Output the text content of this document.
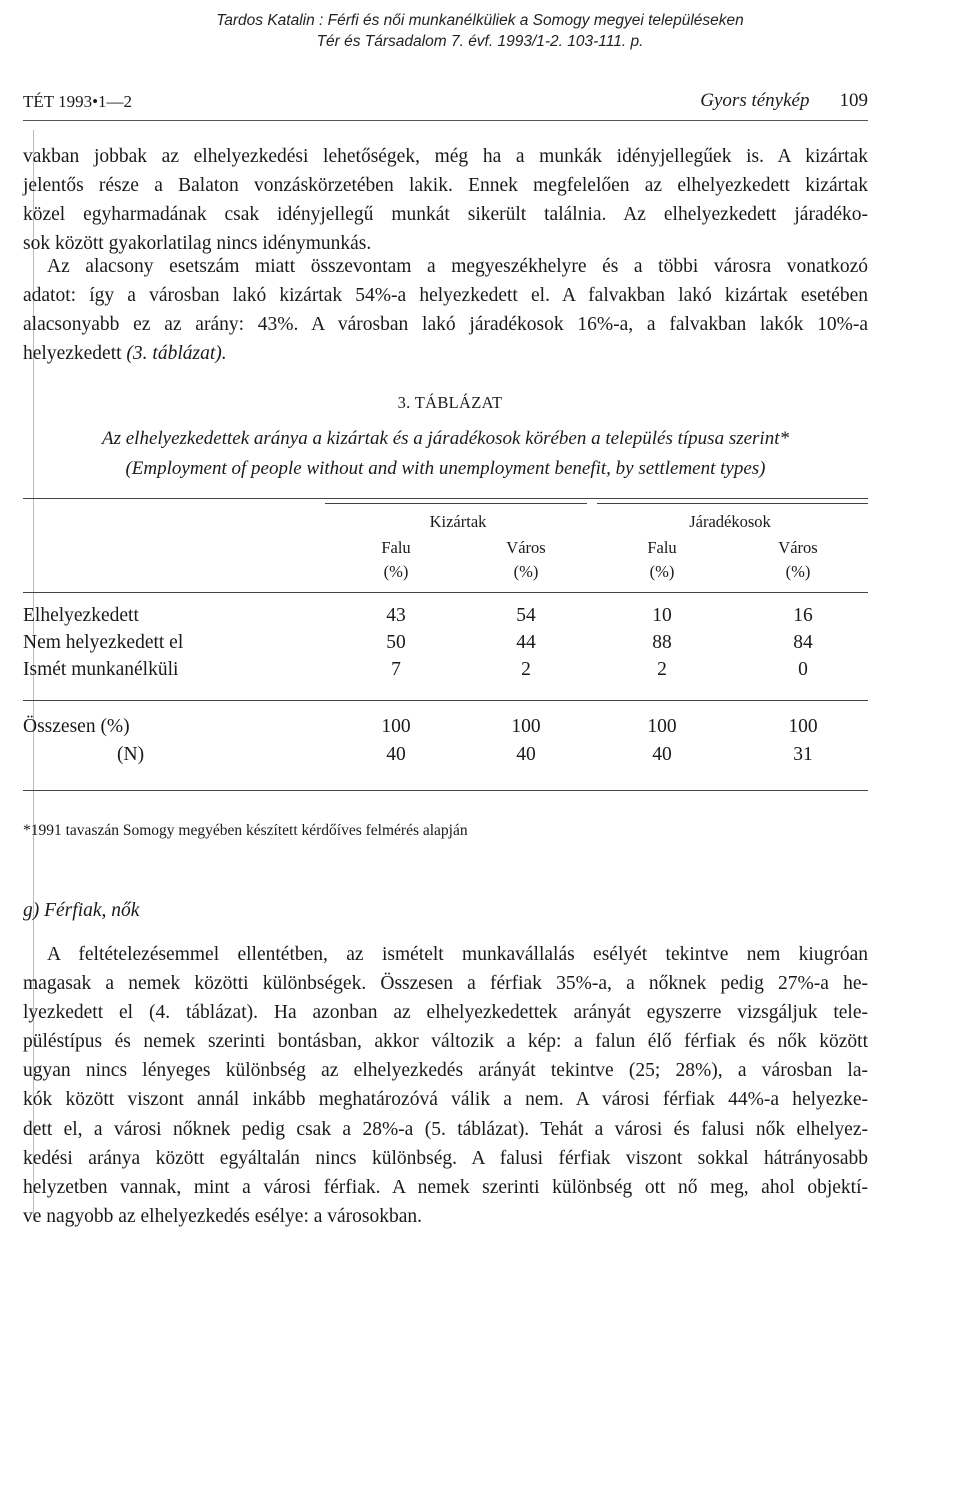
Tardos Katalin : Férfi és női munkanélküliek a Somogy megyei településeken
Tér és Társadalom 7. évf. 1993/1-2. 103-111. p.
TÉT 1993•1—2	Gyors ténykép 109

vakban jobbak az elhelyezkedési lehetőségek, még ha a munkák idényjellegűek is. A kizártak
jelentős része a Balaton vonzáskörzetében lakik. Ennek megfelelően az elhelyezkedett kizártak
közel egyharmadának csak idényjellegű munkát sikerült találnia. Az elhelyezkedett járadéko-
sok között gyakorlatilag nincs idénymunkás.

Az alacsony esetszám miatt összevontam a megyeszékhelyre és a többi városra vonatkozó
adatot: így a városban lakó kizártak 54%-a helyezkedett el. A falvakban lakó kizártak esetében
alacsonyabb ez az arány: 43%. A városban lakó járadékosok 16%-a, a falvakban lakók 10%-a
helyezkedett (3. táblázat).

3. TÁBLÁZAT
Az elhelyezkedettek aránya a kizártak és a járadékosok körében a település típusa szerint*
(Employment of people without and with unemployment benefit, by settlement types)
Kizártak	Járadékosok
Falu	Város	Falu	Város
(%)	(%)	(%)	(%)
Elhelyezkedett	43	54	10	16
Nem helyezkedett el	50	44	88	84
Ismét munkanélküli	7	2	2	0
Összesen (%)	100	100	100	100
(N)	40	40	40	31
*1991 tavaszán Somogy megyében készített kérdőíves felmérés alapján
g) Férfiak, nők

A feltételezésemmel ellentétben, az ismételt munkavállalás esélyét tekintve nem kiugróan
magasak a nemek közötti különbségek. Összesen a férfiak 35%-a, a nőknek pedig 27%-a he-
lyezkedett el (4. táblázat). Ha azonban az elhelyezkedettek arányát egyszerre vizsgáljuk tele-
püléstípus és nemek szerinti bontásban, akkor változik a kép: a falun élő férfiak és nők között
ugyan nincs lényeges különbség az elhelyezkedés arányát tekintve (25; 28%), a városban la-
kók között viszont annál inkább meghatározóvá válik a nem. A városi férfiak 44%-a helyezke-
dett el, a városi nőknek pedig csak a 28%-a (5. táblázat). Tehát a városi és falusi nők elhelyez-
kedési aránya között egyáltalán nincs különbség. A falusi férfiak viszont sokkal hátrányosabb
helyzetben vannak, mint a városi férfiak. A nemek szerinti különbség ott nő meg, ahol objektí-
ve nagyobb az elhelyezkedés esélye: a városokban.
